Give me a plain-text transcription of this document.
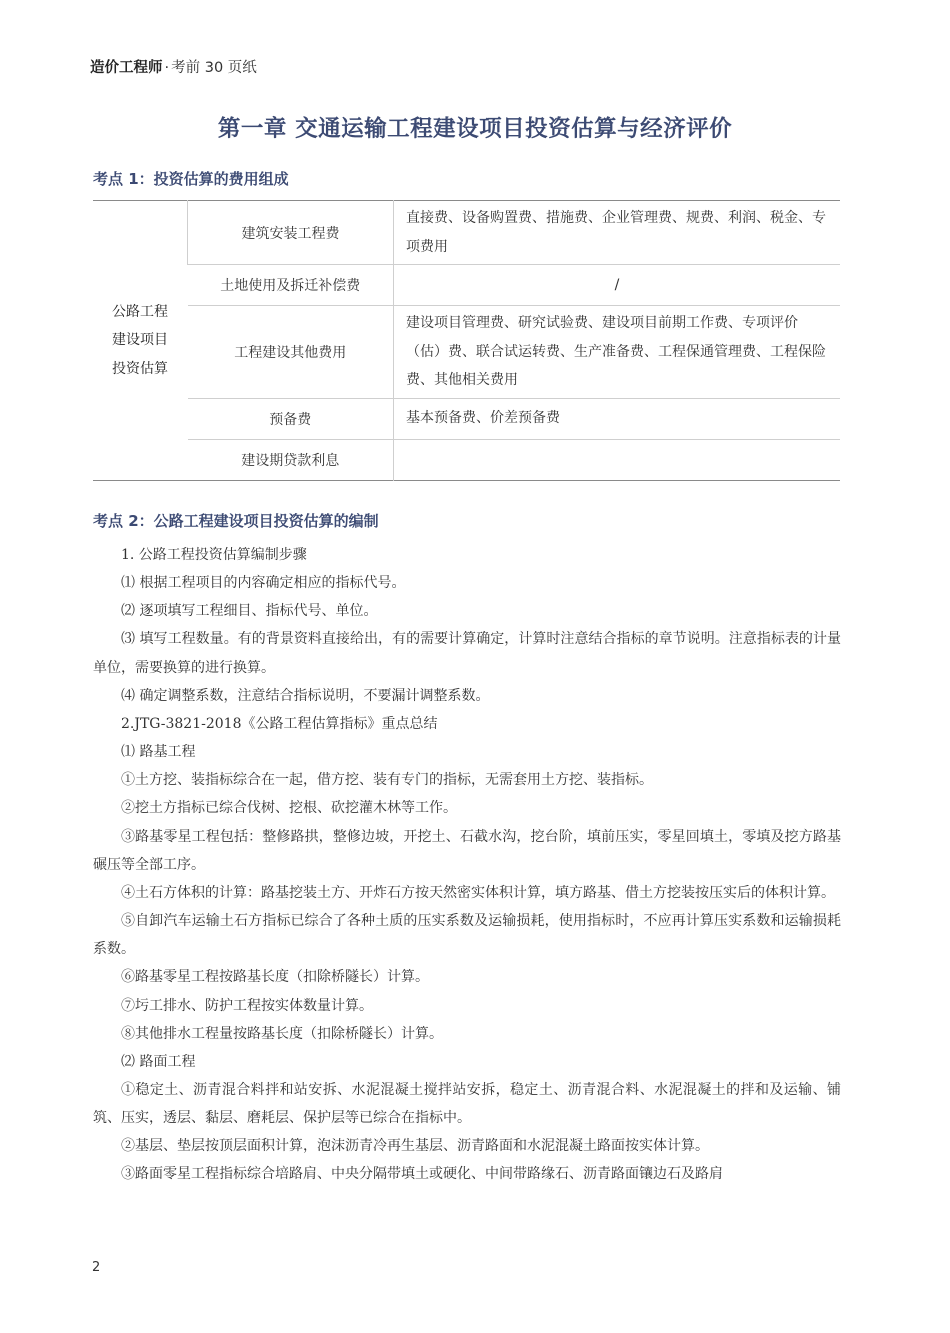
造价工程师 · 考前 30 页纸
第一章 交通运输工程建设项目投资估算与经济评价
考点 1：投资估算的费用组成
公路工程
建设项目
投资估算	建筑安装工程费	直接费、设备购置费、措施费、企业管理费、规费、利润、税金、专项费用
	土地使用及拆迁补偿费	/
	工程建设其他费用	建设项目管理费、研究试验费、建设项目前期工作费、专项评价（估）费、联合试运转费、生产准备费、工程保通管理费、工程保险费、其他相关费用
	预备费	基本预备费、价差预备费
	建设期贷款利息	
考点 2：公路工程建设项目投资估算的编制

1. 公路工程投资估算编制步骤

⑴ 根据工程项目的内容确定相应的指标代号。

⑵ 逐项填写工程细目、指标代号、单位。

⑶ 填写工程数量。有的背景资料直接给出，有的需要计算确定，计算时注意结合指标的章节说明。注意指标表的计量单位，需要换算的进行换算。

⑷ 确定调整系数，注意结合指标说明，不要漏计调整系数。

2.JTG-3821-2018《公路工程估算指标》重点总结

⑴ 路基工程

①土方挖、装指标综合在一起，借方挖、装有专门的指标，无需套用土方挖、装指标。

②挖土方指标已综合伐树、挖根、砍挖灌木林等工作。

③路基零星工程包括：整修路拱，整修边坡，开挖土、石截水沟，挖台阶，填前压实，零星回填土，零填及挖方路基碾压等全部工序。

④土石方体积的计算：路基挖装土方、开炸石方按天然密实体积计算，填方路基、借土方挖装按压实后的体积计算。

⑤自卸汽车运输土石方指标已综合了各种土质的压实系数及运输损耗，使用指标时，不应再计算压实系数和运输损耗系数。

⑥路基零星工程按路基长度（扣除桥隧长）计算。

⑦圬工排水、防护工程按实体数量计算。

⑧其他排水工程量按路基长度（扣除桥隧长）计算。

⑵ 路面工程

①稳定土、沥青混合料拌和站安拆、水泥混凝土搅拌站安拆，稳定土、沥青混合料、水泥混凝土的拌和及运输、铺筑、压实，透层、黏层、磨耗层、保护层等已综合在指标中。

②基层、垫层按顶层面积计算，泡沫沥青冷再生基层、沥青路面和水泥混凝土路面按实体计算。

③路面零星工程指标综合培路肩、中央分隔带填土或硬化、中间带路缘石、沥青路面镶边石及路肩

2
